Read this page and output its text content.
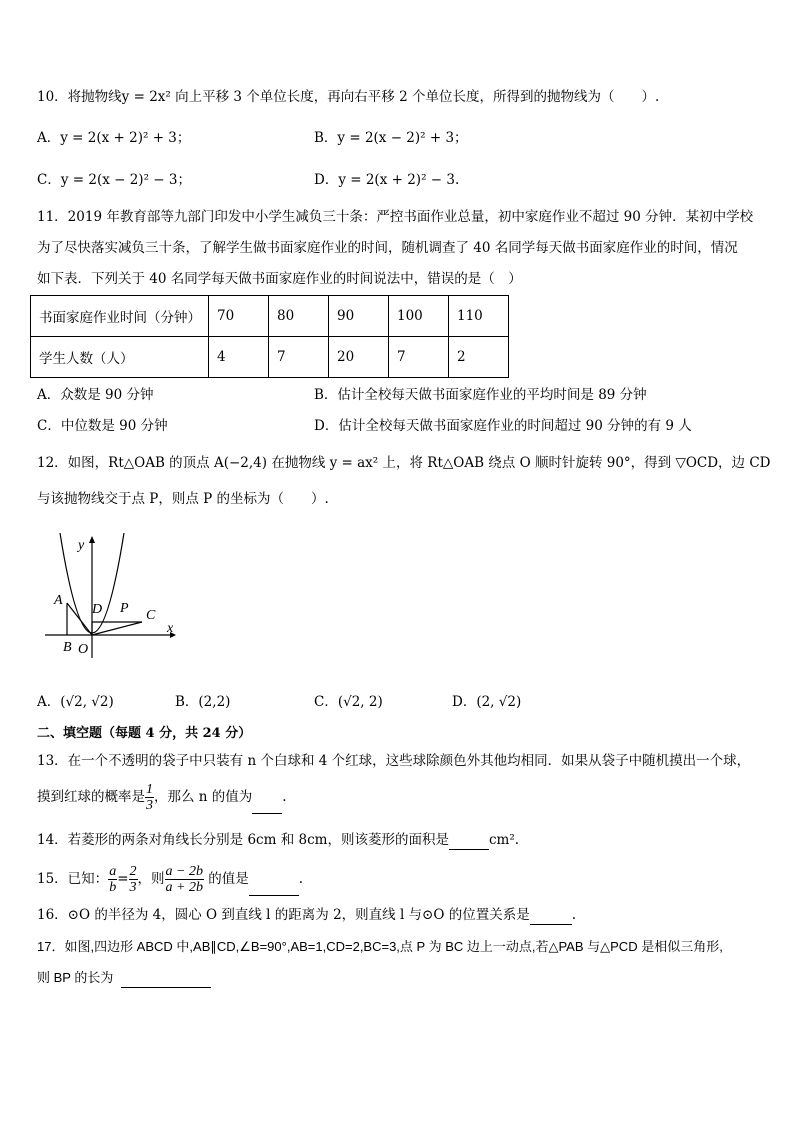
10．将抛物线y = 2x² 向上平移 3 个单位长度，再向右平移 2 个单位长度，所得到的抛物线为（　　）.
A．y = 2(x + 2)² + 3；	B．y = 2(x − 2)² + 3；
C．y = 2(x − 2)² − 3；	D．y = 2(x + 2)² − 3.
11．2019 年教育部等九部门印发中小学生减负三十条：严控书面作业总量，初中家庭作业不超过 90 分钟．某初中学校
为了尽快落实减负三十条，了解学生做书面家庭作业的时间，随机调查了 40 名同学每天做书面家庭作业的时间，情况
如下表．下列关于 40 名同学每天做书面家庭作业的时间说法中，错误的是（　）
书面家庭作业时间（分钟）	70	80	90	100	110
学生人数（人）	4	7	20	7	2
A．众数是 90 分钟	B．估计全校每天做书面家庭作业的平均时间是 89 分钟
C．中位数是 90 分钟	D．估计全校每天做书面家庭作业的时间超过 90 分钟的有 9 人
12．如图，Rt△OAB 的顶点 A(−2,4) 在抛物线 y = ax² 上，将 Rt△OAB 绕点 O 顺时针旋转 90°，得到 ▽OCD，边 CD
与该抛物线交于点 P，则点 P 的坐标为（　　）.
y
x
A
B O
D P C
A．(√2, √2)	B．(2,2)	C．(√2, 2)	D．(2, √2)
二、填空题（每题 4 分，共 24 分）
13．在一个不透明的袋子中只装有 n 个白球和 4 个红球，这些球除颜色外其他均相同．如果从袋子中随机摸出一个球，
摸到红球的概率是 $\frac{1}{3}$ ，那么 n 的值为 .
14．若菱形的两条对角线长分别是 6cm 和 8cm，则该菱形的面积是	cm².
15．已知： $\frac{a}{b} = \frac{2}{3}$ ，则 $\frac{a - 2b}{a + 2b}$ 的值是	.
16．⊙O 的半径为 4，圆心 O 到直线 l 的距离为 2，则直线 l 与⊙O 的位置关系是	.
17．如图,四边形 ABCD 中,AB∥CD,∠B=90°,AB=1,CD=2,BC=3,点 P 为 BC 边上一动点,若△PAB 与△PCD 是相似三角形,
则 BP 的长为
